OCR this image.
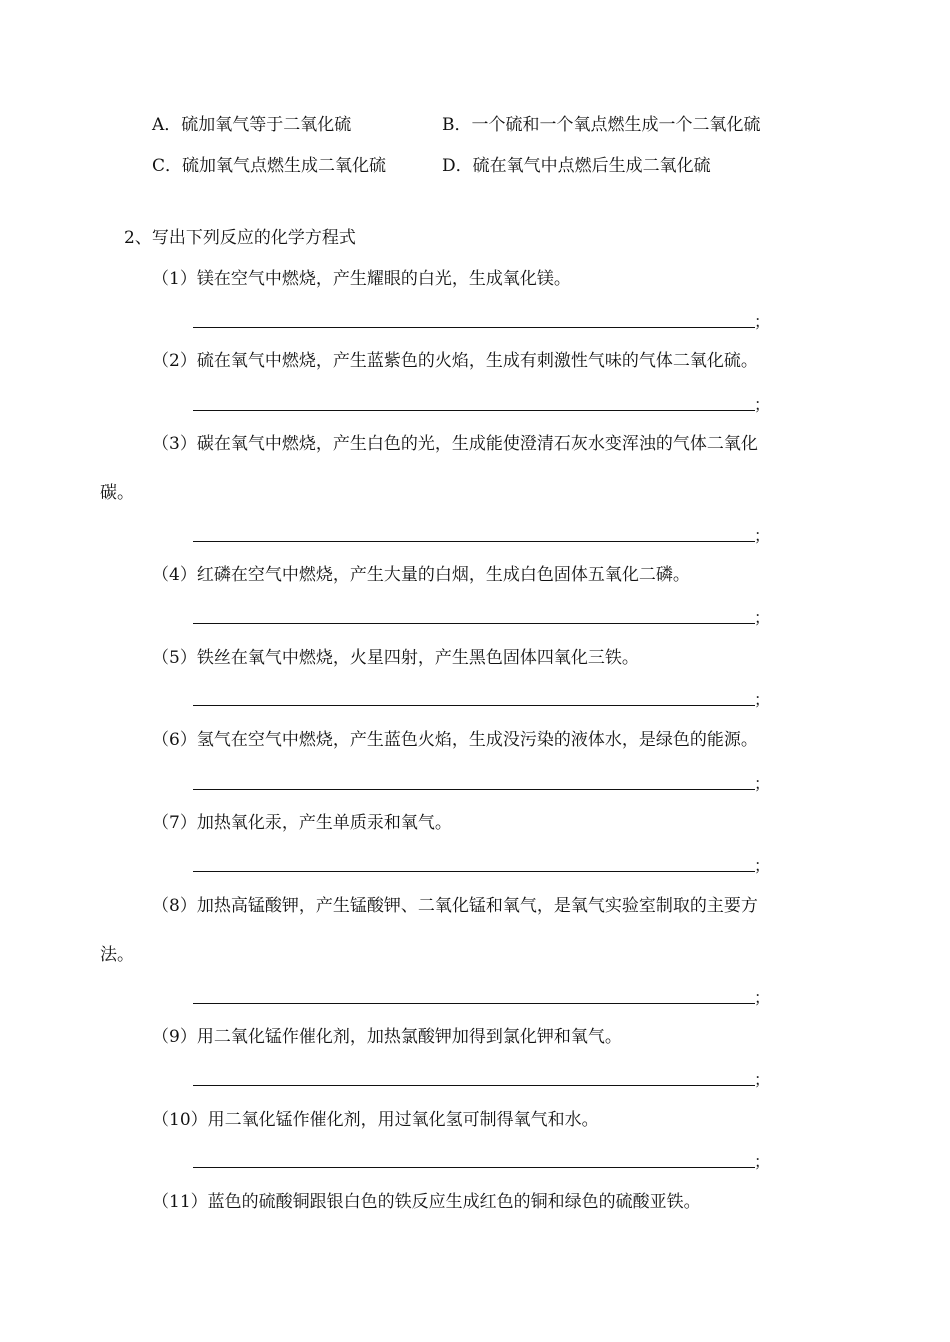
A．硫加氧气等于二氧化硫	B．一个硫和一个氧点燃生成一个二氧化硫
C．硫加氧气点燃生成二氧化硫	D．硫在氧气中点燃后生成二氧化硫
2、写出下列反应的化学方程式
（1）镁在空气中燃烧，产生耀眼的白光，生成氧化镁。
；
（2）硫在氧气中燃烧，产生蓝紫色的火焰，生成有刺激性气味的气体二氧化硫。
；
（3）碳在氧气中燃烧，产生白色的光，生成能使澄清石灰水变浑浊的气体二氧化
碳。
；
（4）红磷在空气中燃烧，产生大量的白烟，生成白色固体五氧化二磷。
；
（5）铁丝在氧气中燃烧，火星四射，产生黑色固体四氧化三铁。
；
（6）氢气在空气中燃烧，产生蓝色火焰，生成没污染的液体水，是绿色的能源。
；
（7）加热氧化汞，产生单质汞和氧气。
；
（8）加热高锰酸钾，产生锰酸钾、二氧化锰和氧气，是氧气实验室制取的主要方
法。
；
（9）用二氧化锰作催化剂，加热氯酸钾加得到氯化钾和氧气。
；
（10）用二氧化锰作催化剂，用过氧化氢可制得氧气和水。
；
（11）蓝色的硫酸铜跟银白色的铁反应生成红色的铜和绿色的硫酸亚铁。
